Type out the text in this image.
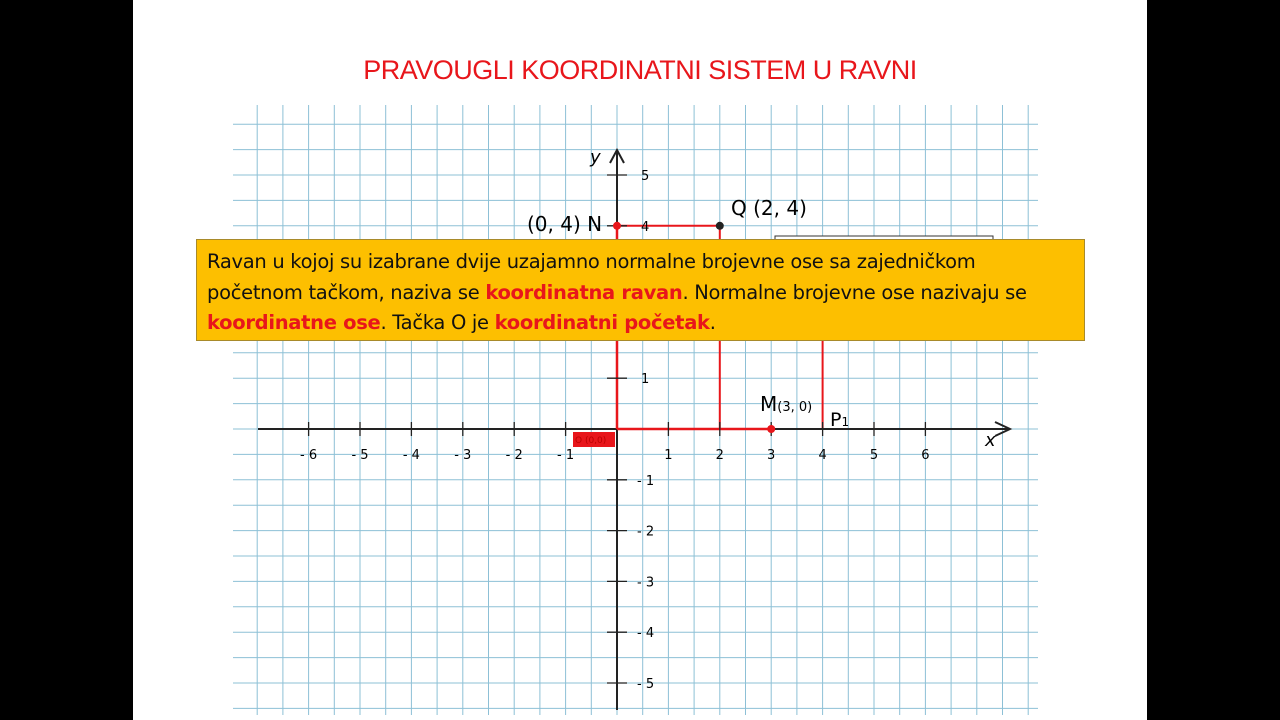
- 6	- 5	- 4	- 3	- 2	- 1	1	2	3	4	5	6
5
4
1
- 1
- 2
- 3
- 4
- 5
x
y
(0, 4) N
Q (2, 4)
M(3, 0)
P1
O (0,0)
PRAVOUGLI KOORDINATNI SISTEM U RAVNI
Ravan u kojoj su izabrane dvije uzajamno normalne brojevne ose sa zajedničkom početnom tačkom, naziva se koordinatna ravan. Normalne brojevne ose nazivaju se koordinatne ose. Tačka O je koordinatni početak.
